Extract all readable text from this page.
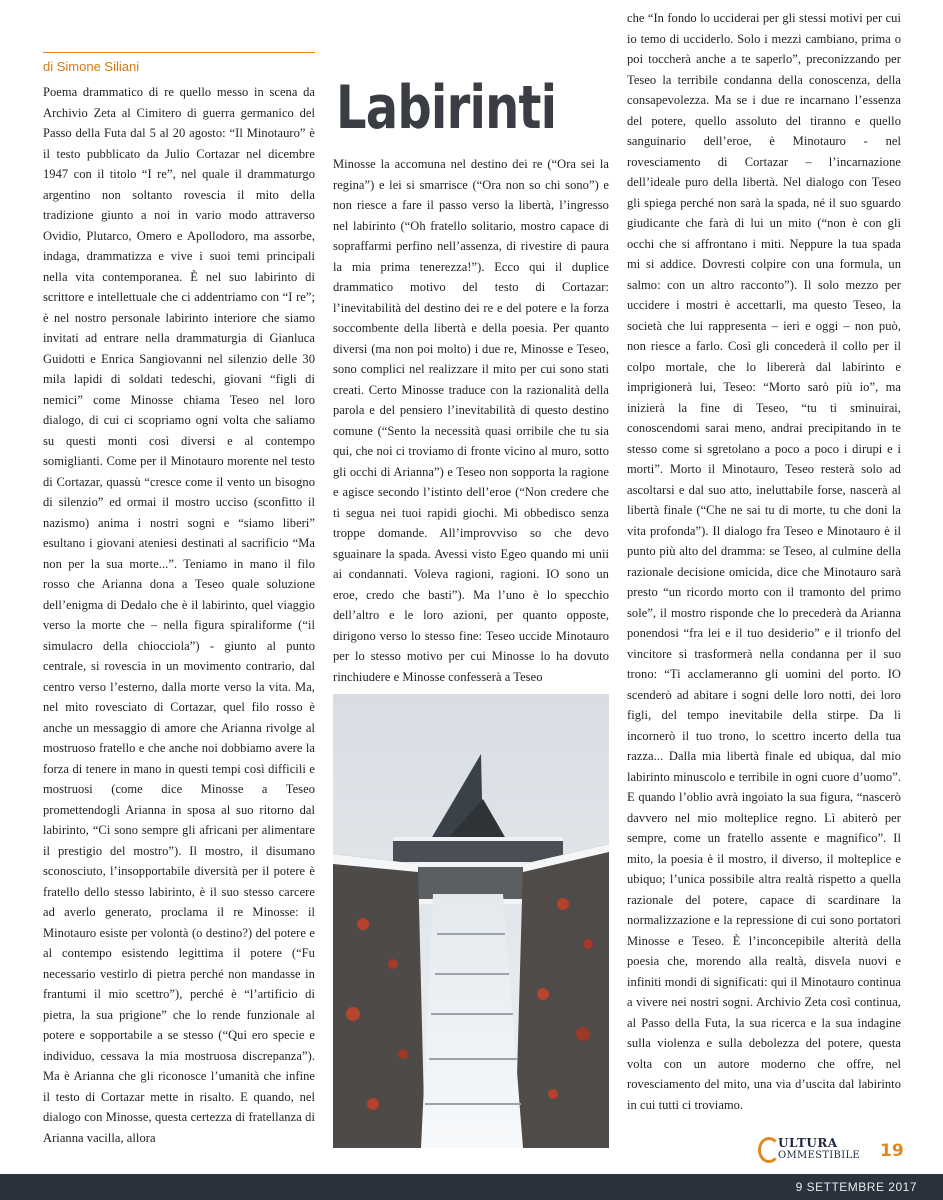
di Simone Siliani
Labirinti

Poema drammatico di re quello messo in scena da Archivio Zeta al Cimitero di guerra germanico del Passo della Futa dal 5 al 20 agosto: “Il Minotauro” è il testo pubblicato da Julio Cortazar nel dicembre 1947 con il titolo “I re”, nel quale il drammaturgo argentino non soltanto rovescia il mito della tradizione giunto a noi in vario modo attraverso Ovidio, Plutarco, Omero e Apollodoro, ma assorbe, indaga, drammatizza e vive i suoi temi principali nella vita contemporanea. È nel suo labirinto di scrittore e intellettuale che ci addentriamo con “I re”; è nel nostro personale labirinto interiore che siamo invitati ad entrare nella drammaturgia di Gianluca Guidotti e Enrica Sangiovanni nel silenzio delle 30 mila lapidi di soldati tedeschi, giovani “figli di nemici” come Minosse chiama Teseo nel loro dialogo, di cui ci scopriamo ogni volta che saliamo su questi monti così diversi e al contempo somiglianti. Come per il Minotauro morente nel testo di Cortazar, quassù “cresce come il vento un bisogno di silenzio” ed ormai il mostro ucciso (sconfitto il nazismo) anima i nostri sogni e “siamo liberi” esultano i giovani ateniesi destinati al sacrificio “Ma non per la sua morte...”. Teniamo in mano il filo rosso che Arianna dona a Teseo quale soluzione dell’enigma di Dedalo che è il labirinto, quel viaggio verso la morte che – nella figura spiraliforme (“il simulacro della chiocciola”) - giunto al punto centrale, si rovescia in un movimento contrario, dal centro verso l’esterno, dalla morte verso la vita. Ma, nel mito rovesciato di Cortazar, quel filo rosso è anche un messaggio di amore che Arianna rivolge al mostruoso fratello e che anche noi dobbiamo avere la forza di tenere in mano in questi tempi così difficili e mostruosi (come dice Minosse a Teseo promettendogli Arianna in sposa al suo ritorno dal labirinto, “Ci sono sempre gli africani per alimentare il prestigio del mostro”). Il mostro, il disumano sconosciuto, l’insopportabile diversità per il potere è fratello dello stesso labirinto, è il suo stesso carcere ad averlo generato, proclama il re Minosse: il Minotauro esiste per volontà (o destino?) del potere e al contempo esistendo legittima il potere (“Fu necessario vestirlo di pietra perché non mandasse in frantumi il mio scettro”), perché è “l’artificio di pietra, la sua prigione” che lo rende funzionale al potere e sopportabile a se stesso (“Qui ero specie e individuo, cessava la mia mostruosa discrepanza”). Ma è Arianna che gli riconosce l’umanità che infine il testo di Cortazar mette in risalto. E quando, nel dialogo con Minosse, questa certezza di fratellanza di Arianna vacilla, allora

Minosse la accomuna nel destino dei re (“Ora sei la regina”) e lei si smarrisce (“Ora non so chi sono”) e non riesce a fare il passo verso la libertà, l’ingresso nel labirinto (“Oh fratello solitario, mostro capace di sopraffarmi perfino nell’assenza, di rivestire di paura la mia prima tenerezza!”). Ecco qui il duplice drammatico motivo del testo di Cortazar: l’inevitabilità del destino dei re e del potere e la forza soccombente della libertà e della poesia. Per quanto diversi (ma non poi molto) i due re, Minosse e Teseo, sono complici nel realizzare il mito per cui sono stati creati. Certo Minosse traduce con la razionalità della parola e del pensiero l’inevitabilità di questo destino comune (“Sento la necessità quasi orribile che tu sia qui, che noi ci troviamo di fronte vicino al muro, sotto gli occhi di Arianna”) e Teseo non sopporta la ragione e agisce secondo l’istinto dell’eroe (“Non credere che ti segua nei tuoi rapidi giochi. Mi obbedisco senza troppe domande. All’improvviso so che devo sguainare la spada. Avessi visto Egeo quando mi unii ai condannati. Voleva ragioni, ragioni. IO sono un eroe, credo che basti”). Ma l’uno è lo specchio dell’altro e le loro azioni, per quanto opposte, dirigono verso lo stesso fine: Teseo uccide Minotauro per lo stesso motivo per cui Minosse lo ha dovuto rinchiudere e Minosse confesserà a Teseo

che “In fondo lo ucciderai per gli stessi motivi per cui io temo di ucciderlo. Solo i mezzi cambiano, prima o poi toccherà anche a te saperlo”, preconizzando per Teseo la terribile condanna della conoscenza, della consapevolezza. Ma se i due re incarnano l’essenza del potere, quello assoluto del tiranno e quello sanguinario dell’eroe, è Minotauro - nel rovesciamento di Cortazar – l’incarnazione dell’ideale puro della libertà. Nel dialogo con Teseo gli spiega perché non sarà la spada, né il suo sguardo giudicante che farà di lui un mito (“non è con gli occhi che si affrontano i miti. Neppure la tua spada mi si addice. Dovresti colpire con una formula, un salmo: con un altro racconto”). Il solo mezzo per uccidere i mostri è accettarli, ma questo Teseo, la società che lui rappresenta – ieri e oggi – non può, non riesce a farlo. Così gli concederà il collo per il colpo mortale, che lo libererà dal labirinto e imprigionerà lui, Teseo: “Morto sarò più io”, ma inizierà la fine di Teseo, “tu ti sminuirai, conoscendomi sarai meno, andrai precipitando in te stesso come si sgretolano a poco a poco i dirupi e i morti”. Morto il Minotauro, Teseo resterà solo ad ascoltarsi e dal suo atto, ineluttabile forse, nascerà al libertà finale (“Che ne sai tu di morte, tu che doni la vita profonda”). Il dialogo fra Teseo e Minotauro è il punto più alto del dramma: se Teseo, al culmine della razionale decisione omicida, dice che Minotauro sarà presto “un ricordo morto con il tramonto del primo sole”, il mostro risponde che lo precederà da Arianna ponendosi “fra lei e il tuo desiderio” e il trionfo del vincitore si trasformerà nella condanna per il suo trono: “Ti acclameranno gli uomini del porto. IO scenderò ad abitare i sogni delle loro notti, dei loro figli, del tempo inevitabile della stirpe. Da lì incornerò il tuo trono, lo scettro incerto della tua razza... Dalla mia libertà finale ed ubiqua, dal mio labirinto minuscolo e terribile in ogni cuore d’uomo”. E quando l’oblio avrà ingoiato la sua figura, “nascerò davvero nel mio molteplice regno. Lì abiterò per sempre, come un fratello assente e magnifico”. Il mito, la poesia è il mostro, il diverso, il molteplice e ubiquo; l’unica possibile altra realtà rispetto a quella razionale del potere, capace di scardinare la normalizzazione e la repressione di cui sono portatori Minosse e Teseo. È l’inconcepibile alterità della poesia che, morendo alla realtà, disvela nuovi e infiniti mondi di significati: qui il Minotauro continua a vivere nei nostri sogni. Archivio Zeta così continua, al Passo della Futa, la sua ricerca e la sua indagine sulla violenza e sulla debolezza del potere, questa volta con un autore moderno che offre, nel rovesciamento del mito, una via d’uscita dal labirinto in cui tutti ci troviamo.

ULTURA
OMMESTIBILE 19
9 SETTEMBRE 2017
